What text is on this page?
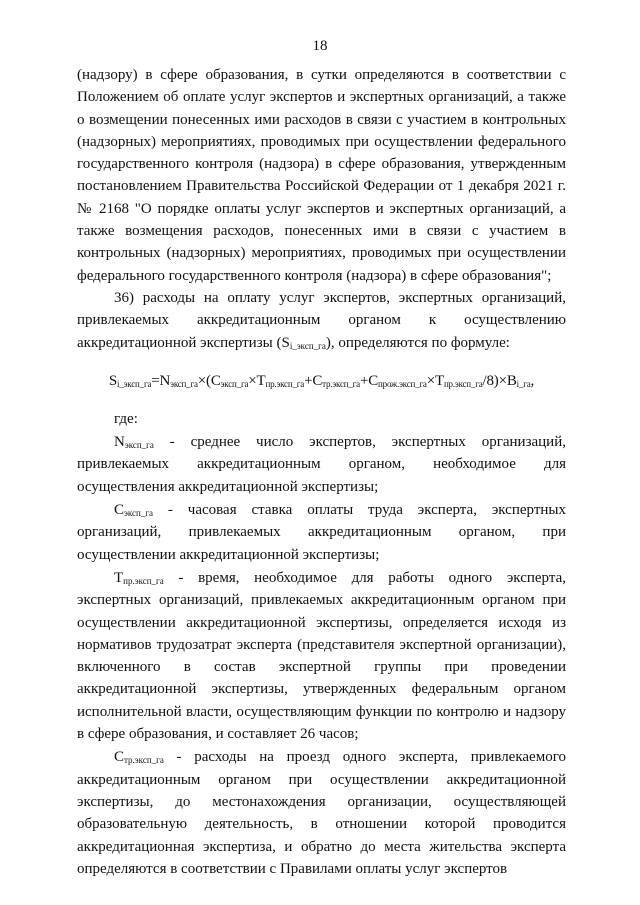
18

(надзору) в сфере образования, в сутки определяются в соответствии с Положением об оплате услуг экспертов и экспертных организаций, а также о возмещении понесенных ими расходов в связи с участием в контрольных (надзорных) мероприятиях, проводимых при осуществлении федерального государственного контроля (надзора) в сфере образования, утвержденным постановлением Правительства Российской Федерации от 1 декабря 2021 г. № 2168 "О порядке оплаты услуг экспертов и экспертных организаций, а также возмещения расходов, понесенных ими в связи с участием в контрольных (надзорных) мероприятиях, проводимых при осуществлении федерального государственного контроля (надзора) в сфере образования";

36) расходы на оплату услуг экспертов, экспертных организаций, привлекаемых аккредитационным органом к осуществлению аккредитационной экспертизы $(S_{i\_эксп\_га})$, определяются по формуле:

$S_{i\_эксп\_га}=N_{эксп\_га}\times(C_{эксп\_га}\times T_{пр.эксп\_га}+C_{тр.эксп\_га}+C_{прож.эксп\_га}\times T_{пр.эксп\_га}/8)\times B_{i\_га}$,

где:

$N_{эксп\_га}$ - среднее число экспертов, экспертных организаций, привлекаемых аккредитационным органом, необходимое для осуществления аккредитационной экспертизы;

$C_{эксп\_га}$ - часовая ставка оплаты труда эксперта, экспертных организаций, привлекаемых аккредитационным органом, при осуществлении аккредитационной экспертизы;

$T_{пр.эксп\_га}$ - время, необходимое для работы одного эксперта, экспертных организаций, привлекаемых аккредитационным органом при осуществлении аккредитационной экспертизы, определяется исходя из нормативов трудозатрат эксперта (представителя экспертной организации), включенного в состав экспертной группы при проведении аккредитационной экспертизы, утвержденных федеральным органом исполнительной власти, осуществляющим функции по контролю и надзору в сфере образования, и составляет 26 часов;

$C_{тр.эксп\_га}$ - расходы на проезд одного эксперта, привлекаемого аккредитационным органом при осуществлении аккредитационной экспертизы, до местонахождения организации, осуществляющей образовательную деятельность, в отношении которой проводится аккредитационная экспертиза, и обратно до места жительства эксперта определяются в соответствии с Правилами оплаты услуг экспертов
